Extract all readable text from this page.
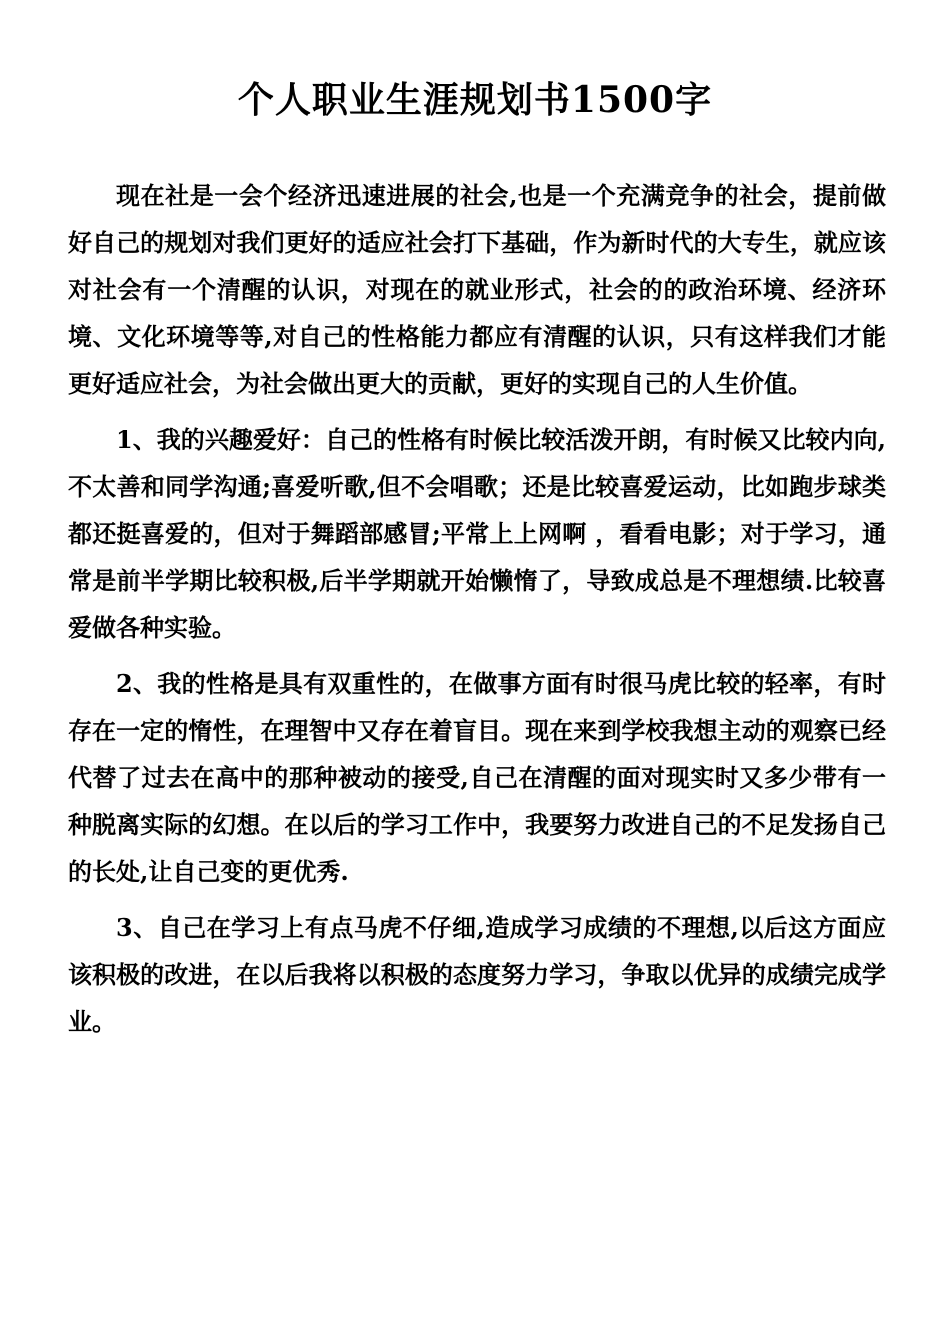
个人职业生涯规划书1500字

现在社是一会个经济迅速进展的社会,也是一个充满竞争的社会，提前做好自己的规划对我们更好的适应社会打下基础，作为新时代的大专生，就应该对社会有一个清醒的认识，对现在的就业形式，社会的的政治环境、经济环境、文化环境等等,对自己的性格能力都应有清醒的认识，只有这样我们才能更好适应社会，为社会做出更大的贡献，更好的实现自己的人生价值。

1、我的兴趣爱好：自己的性格有时候比较活泼开朗，有时候又比较内向,不太善和同学沟通;喜爱听歌,但不会唱歌；还是比较喜爱运动，比如跑步球类都还挺喜爱的，但对于舞蹈部感冒;平常上上网啊 ，看看电影；对于学习，通常是前半学期比较积极,后半学期就开始懒惰了，导致成总是不理想绩.比较喜爱做各种实验。

2、我的性格是具有双重性的，在做事方面有时很马虎比较的轻率，有时存在一定的惰性，在理智中又存在着盲目。现在来到学校我想主动的观察已经代替了过去在高中的那种被动的接受,自己在清醒的面对现实时又多少带有一种脱离实际的幻想。在以后的学习工作中，我要努力改进自己的不足发扬自己的长处,让自己变的更优秀.

3、自己在学习上有点马虎不仔细,造成学习成绩的不理想,以后这方面应该积极的改进，在以后我将以积极的态度努力学习，争取以优异的成绩完成学业。
